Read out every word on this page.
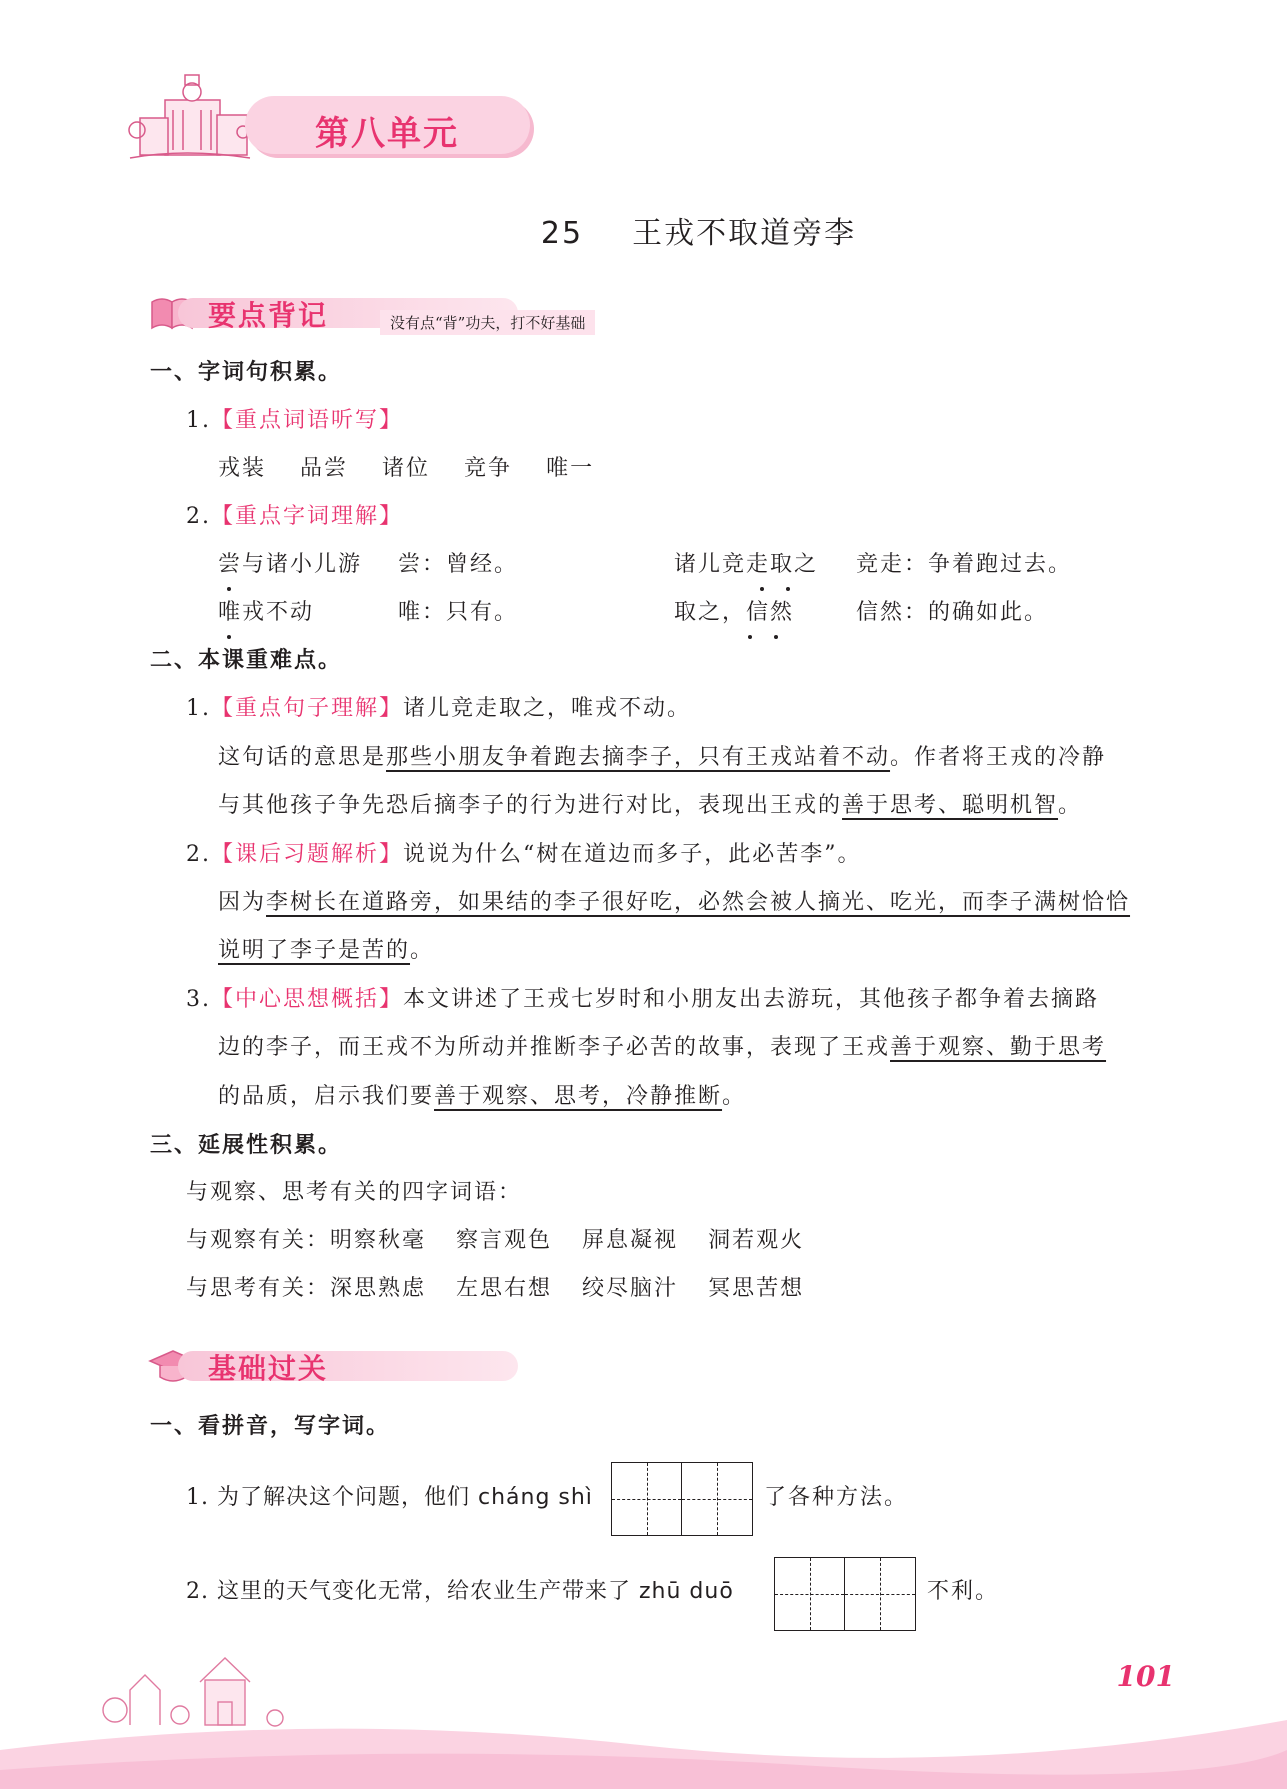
第八单元
25 王戎不取道旁李
要点背记	没有点“背”功夫，打不好基础
一、字词句积累。
1.【重点词语听写】
戎装 品尝 诸位 竞争 唯一
2.【重点字词理解】
尝与诸小儿游 尝：曾经。	诸儿竞走取之 竞走：争着跑过去。
唯戎不动	唯：只有。	取之，信然	信然：的确如此。
二、本课重难点。
1.【重点句子理解】诸儿竞走取之，唯戎不动。
这句话的意思是那些小朋友争着跑去摘李子，只有王戎站着不动。作者将王戎的冷静
与其他孩子争先恐后摘李子的行为进行对比，表现出王戎的善于思考、聪明机智。
2.【课后习题解析】说说为什么“树在道边而多子，此必苦李”。
因为李树长在道路旁，如果结的李子很好吃，必然会被人摘光、吃光，而李子满树恰恰
说明了李子是苦的。
3.【中心思想概括】本文讲述了王戎七岁时和小朋友出去游玩，其他孩子都争着去摘路
边的李子，而王戎不为所动并推断李子必苦的故事，表现了王戎善于观察、勤于思考
的品质，启示我们要善于观察、思考，冷静推断。
三、延展性积累。
与观察、思考有关的四字词语：
与观察有关：明察秋毫 察言观色 屏息凝视 洞若观火
与思考有关：深思熟虑 左思右想 绞尽脑汁 冥思苦想
基础过关
一、看拼音，写字词。
1. 为了解决这个问题，他们 cháng shì	了各种方法。
2. 这里的天气变化无常，给农业生产带来了 zhū duō	不利。
101
